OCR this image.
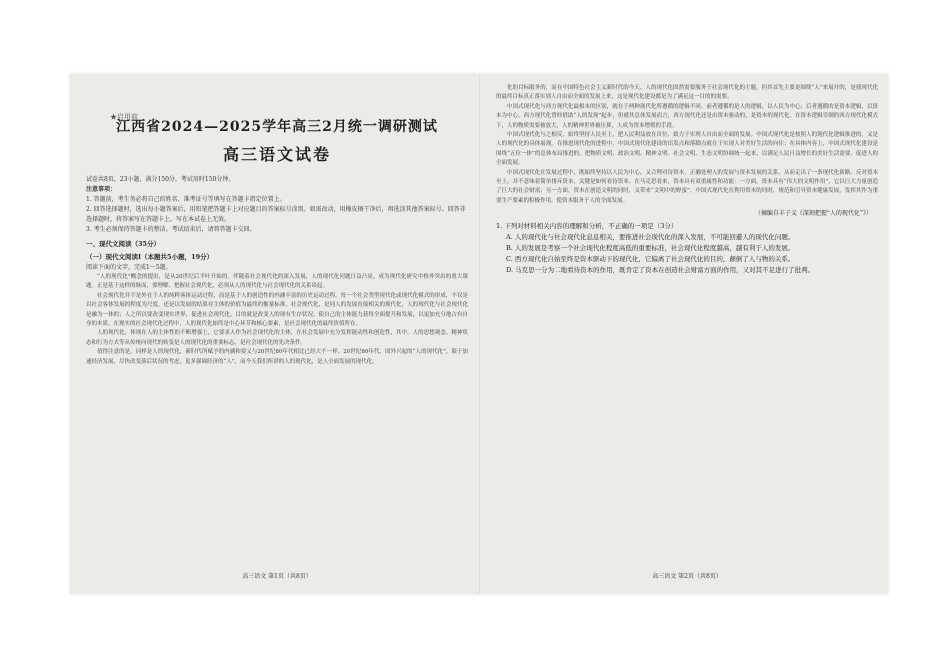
★启用前
江西省2024—2025学年高三2月统一调研测试
高三语文试卷
试卷共8页，23小题，满分150分。考试用时150分钟。
注意事项：
1. 答题前，考生务必将自己的姓名、准考证号等填写在答题卡指定位置上。
2. 回答选择题时，选出每小题答案后，用铅笔把答题卡上对应题目的答案标号涂黑。如需改动，用橡皮擦干净后，再选涂其他答案标号。回答非选择题时，将答案写在答题卡上。写在本试卷上无效。
3. 考生必须保持答题卡的整洁。考试结束后，请将答题卡交回。
一、现代文阅读（35分）
（一）现代文阅读Ⅰ（本题共5小题，19分）
阅读下面的文字，完成1～5题。

“人的现代化”概念的提出，是从20世纪后半叶开始的。伴随着社会现代化的深入发展，人的现代化问题日益凸显，成为现代化研究中格外突出的重大课题。正是基于这样的继而，要理解、把握社会现代化，必须从人的现代化与社会现代化的关系谈起。

社会现代化并不是外在于人的纯粹客体运动过程，而是基于人的创造性的内涵丰富的历史运动过程。每一个社会类型现代化或现代化模式的形成，不仅是以社会客体发展的程度为尺度，还是以发展的结果对主体的价值为最终的衡量标准。社会现代化，是同人的发展直接相关的现代化，人的现代化与社会现代化是融为一体的；人之所以要改变现实世界，促进社会现代化，目的就是改变人的现有生存状况，使自己的主体能力获得全面提升和发展，以更加充分地占有自身的本质。在现实的社会现代化过程中，人的现代化始终是中心环节和核心要素，是社会现代化的最终价值所在。

人的现代化，体现在人的主体性的不断增强上，它要求人作为社会现代化的主体，在社会发展中充分发挥能动性和创造性，其中，人的思想观念、精神状态和行为方式等从传统向现代的转变是人的现代化的重要标志，是社会现代化的先决条件。

值得注意的是，同样是人的现代化，新时代所赋予的内涵和要义与20世纪80年代相比已经大不一样。20世纪80年代，国外兴起的“人的现代化”，限于加速经济发展，尽快改变落后状况的考虑，更多强调经济的“人”，而今天我们所讲的人的现代化，是人全面发展的现代化。

高三语文 第1页（共8页）

化的目标服务的，而在中国特色社会主义新时代的今天，人的现代化固然需要服务于社会现代化的主题，但其首先主要是围绕“人”来展开的，是使现代化的最终目标真正落实到人自由而全面的发展上来，这是现代化建设都是为了满足这一目的的需要。

中国式现代化与西方现代化最根本的区别，就在于两种现代化所遵循的逻辑不同。前者遵循的是人的逻辑，以人民为中心；后者遵循的是资本逻辑，以资本为中心。西方现代化曾经借助“人的发现”起步，但就其总体发展而言，西方现代化还是由资本驱动的，是资本的现代化。在资本逻辑宰制的西方现代化模式下，人的物质需要被放大，人的精神世界被压抑，人成为资本增殖的手段。

中国式现代化与之相反，始终坚持人民至上，把人民利益放在首位，致力于实现人自由而全面的发展。中国式现代化是按照人的现代化逻辑推进的，又是人的现代化的具体展现。在推进现代化的进程中，中国式现代化建设的出发点和落脚点就在于实现人对美好生活的向往；在具体内容上，中国式现代化建设是围绕“五位一体”的总体布局推进的，把物质文明、政治文明、精神文明、社会文明、生态文明协调统一起来，以满足人民日益增长的美好生活需要，促进人的全面发展。

中国式现代化在发展过程中，既始终坚持以人民为中心，又合理对待资本，正确处理人的发展与资本发展的关系，从而走出了一条现代化新路。反对资本至上，并不意味着简单排斥资本，关键是如何看待资本、在马克思看来，资本具有双重属性和功能：一方面，资本具有“伟大的文明作用”，它以巨大力量创造了巨大的社会财富；另一方面，资本在创造文明的同时，又带来“文明中的野蛮”。中国式现代化在利用资本的同时，规范和引导资本健康发展，发挥其作为重要生产要素的积极作用，使资本服务于人的全面发展。

（摘编自丰子义《深刻把握“人的现代化”》）

1. 下列对材料相关内容的理解和分析，不正确的一项是（3分）

A. 人的现代化与社会现代化息息相关，要推进社会现代化的深入发展，不可能回避人的现代化问题。

B. 人的发展是考察一个社会现代化程度高低的重要标准，社会现代化程度越高，越有利于人的发展。

C. 西方现代化自始至终是资本驱动下的现代化，它偏离了社会现代化的目的，颠倒了人与物的关系。

D. 马克思一分为二地看待资本的作用，既肯定了资本在创造社会财富方面的作用，又对其不足进行了批判。

高三语文 第2页（共8页）
